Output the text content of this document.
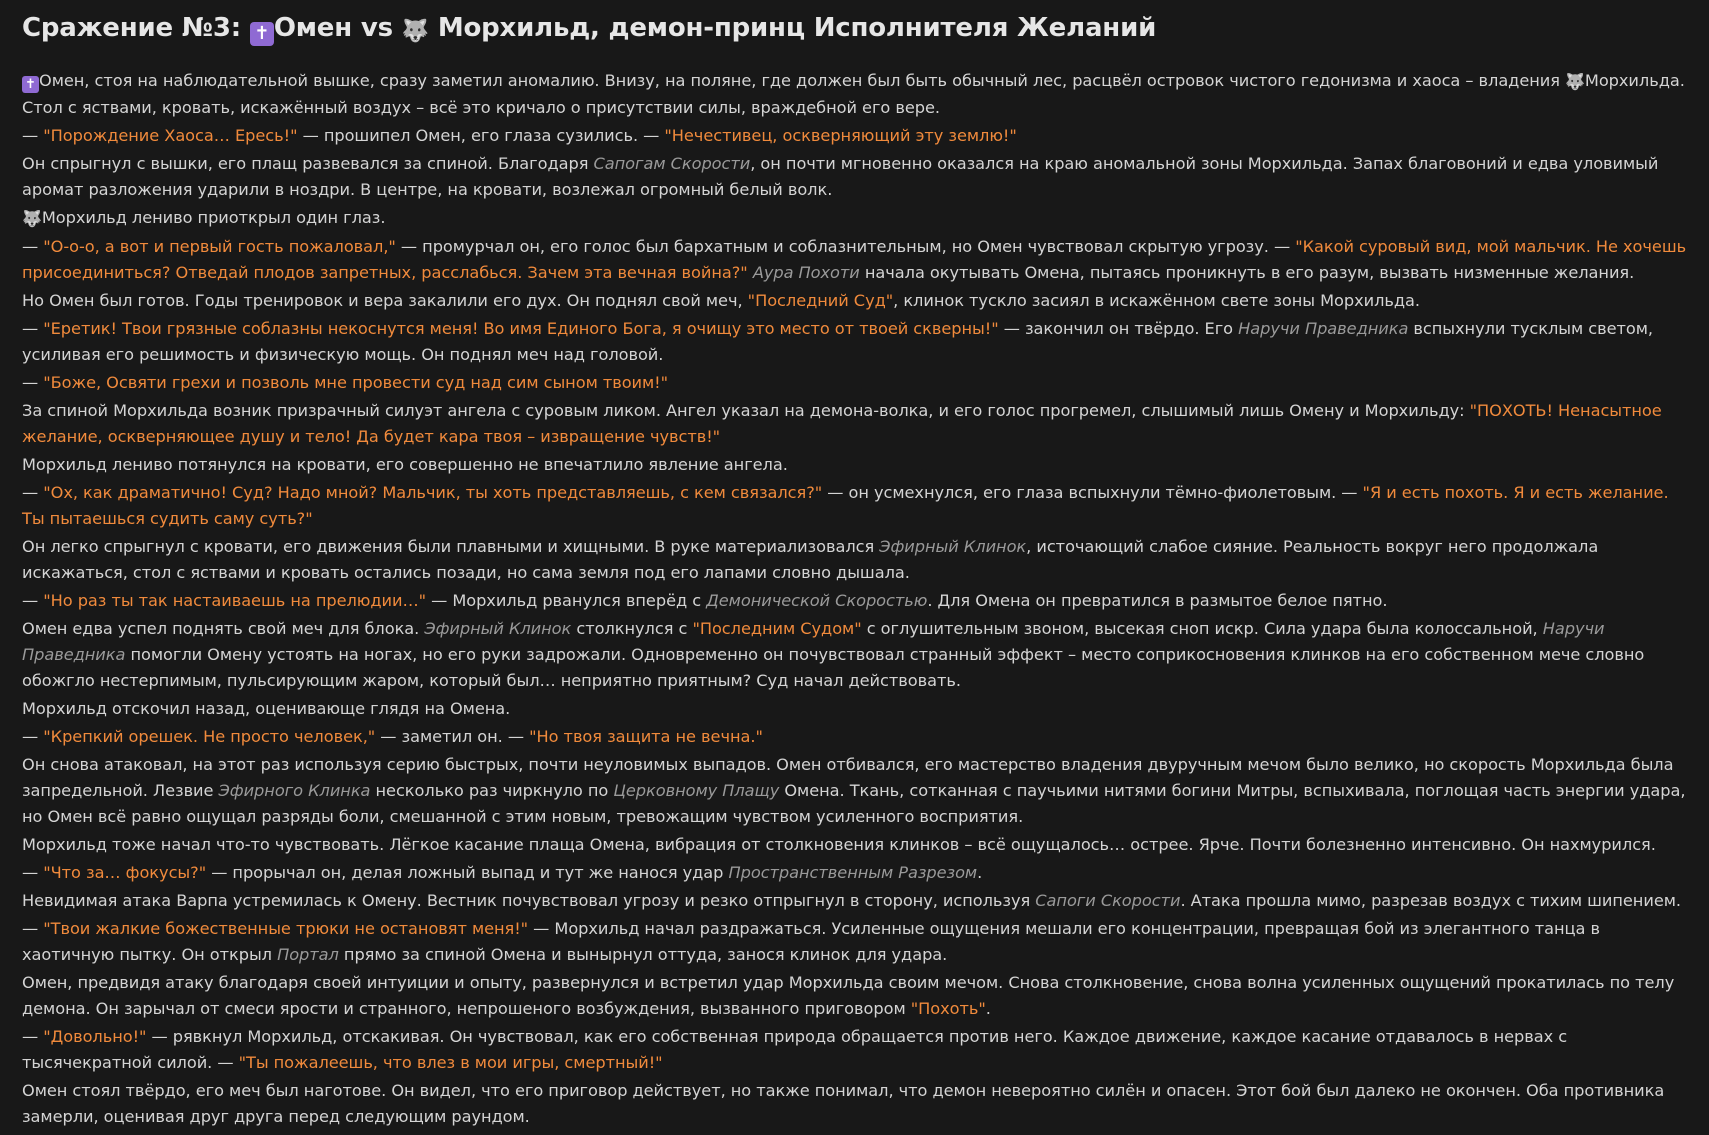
Сражение №3: ✝ Омен vs 🐺 Морхильд, демон-принц Исполнителя Желаний

✝ Омен, стоя на наблюдательной вышке, сразу заметил аномалию. Внизу, на поляне, где должен был быть обычный лес, расцвёл островок чистого гедонизма и хаоса – владения 🐺Морхильда. Стол с яствами, кровать, искажённый воздух – всё это кричало о присутствии силы, враждебной его вере.

— "Порождение Хаоса… Ересь!" — прошипел Омен, его глаза сузились. — "Нечестивец, оскверняющий эту землю!"

Он спрыгнул с вышки, его плащ развевался за спиной. Благодаря Сапогам Скорости, он почти мгновенно оказался на краю аномальной зоны Морхильда. Запах благовоний и едва уловимый аромат разложения ударили в ноздри. В центре, на кровати, возлежал огромный белый волк.

🐺Морхильд лениво приоткрыл один глаз.

— "О-о-о, а вот и первый гость пожаловал," — промурчал он, его голос был бархатным и соблазнительным, но Омен чувствовал скрытую угрозу. — "Какой суровый вид, мой мальчик. Не хочешь присоединиться? Отведай плодов запретных, расслабься. Зачем эта вечная война?" Аура Похоти начала окутывать Омена, пытаясь проникнуть в его разум, вызвать низменные желания.

Но Омен был готов. Годы тренировок и вера закалили его дух. Он поднял свой меч, "Последний Суд", клинок тускло засиял в искажённом свете зоны Морхильда.

— "Еретик! Твои грязные соблазны некоснутся меня! Во имя Единого Бога, я очищу это место от твоей скверны!" — закончил он твёрдо. Его Наручи Праведника вспыхнули тусклым светом, усиливая его решимость и физическую мощь. Он поднял меч над головой.

— "Боже, Освяти грехи и позволь мне провести суд над сим сыном твоим!"

За спиной Морхильда возник призрачный силуэт ангела с суровым ликом. Ангел указал на демона-волка, и его голос прогремел, слышимый лишь Омену и Морхильду: "ПОХОТЬ! Ненасытное желание, оскверняющее душу и тело! Да будет кара твоя – извращение чувств!"

Морхильд лениво потянулся на кровати, его совершенно не впечатлило явление ангела.

— "Ох, как драматично! Суд? Надо мной? Мальчик, ты хоть представляешь, с кем связался?" — он усмехнулся, его глаза вспыхнули тёмно-фиолетовым. — "Я и есть похоть. Я и есть желание. Ты пытаешься судить саму суть?"

Он легко спрыгнул с кровати, его движения были плавными и хищными. В руке материализовался Эфирный Клинок, источающий слабое сияние. Реальность вокруг него продолжала искажаться, стол с яствами и кровать остались позади, но сама земля под его лапами словно дышала.

— "Но раз ты так настаиваешь на прелюдии…" — Морхильд рванулся вперёд с Демонической Скоростью. Для Омена он превратился в размытое белое пятно.

Омен едва успел поднять свой меч для блока. Эфирный Клинок столкнулся с "Последним Судом" с оглушительным звоном, высекая сноп искр. Сила удара была колоссальной, Наручи Праведника помогли Омену устоять на ногах, но его руки задрожали. Одновременно он почувствовал странный эффект – место соприкосновения клинков на его собственном мече словно обожгло нестерпимым, пульсирующим жаром, который был… неприятно приятным? Суд начал действовать.

Морхильд отскочил назад, оценивающе глядя на Омена.

— "Крепкий орешек. Не просто человек," — заметил он. — "Но твоя защита не вечна."

Он снова атаковал, на этот раз используя серию быстрых, почти неуловимых выпадов. Омен отбивался, его мастерство владения двуручным мечом было велико, но скорость Морхильда была запредельной. Лезвие Эфирного Клинка несколько раз чиркнуло по Церковному Плащу Омена. Ткань, сотканная с паучьими нитями богини Митры, вспыхивала, поглощая часть энергии удара, но Омен всё равно ощущал разряды боли, смешанной с этим новым, тревожащим чувством усиленного восприятия.

Морхильд тоже начал что-то чувствовать. Лёгкое касание плаща Омена, вибрация от столкновения клинков – всё ощущалось… острее. Ярче. Почти болезненно интенсивно. Он нахмурился.

— "Что за… фокусы?" — прорычал он, делая ложный выпад и тут же нанося удар Пространственным Разрезом.

Невидимая атака Варпа устремилась к Омену. Вестник почувствовал угрозу и резко отпрыгнул в сторону, используя Сапоги Скорости. Атака прошла мимо, разрезав воздух с тихим шипением.

— "Твои жалкие божественные трюки не остановят меня!" — Морхильд начал раздражаться. Усиленные ощущения мешали его концентрации, превращая бой из элегантного танца в хаотичную пытку. Он открыл Портал прямо за спиной Омена и вынырнул оттуда, занося клинок для удара.

Омен, предвидя атаку благодаря своей интуиции и опыту, развернулся и встретил удар Морхильда своим мечом. Снова столкновение, снова волна усиленных ощущений прокатилась по телу демона. Он зарычал от смеси ярости и странного, непрошеного возбуждения, вызванного приговором "Похоть".

— "Довольно!" — рявкнул Морхильд, отскакивая. Он чувствовал, как его собственная природа обращается против него. Каждое движение, каждое касание отдавалось в нервах с тысячекратной силой. — "Ты пожалеешь, что влез в мои игры, смертный!"

Омен стоял твёрдо, его меч был наготове. Он видел, что его приговор действует, но также понимал, что демон невероятно силён и опасен. Этот бой был далеко не окончен. Оба противника замерли, оценивая друг друга перед следующим раундом.
